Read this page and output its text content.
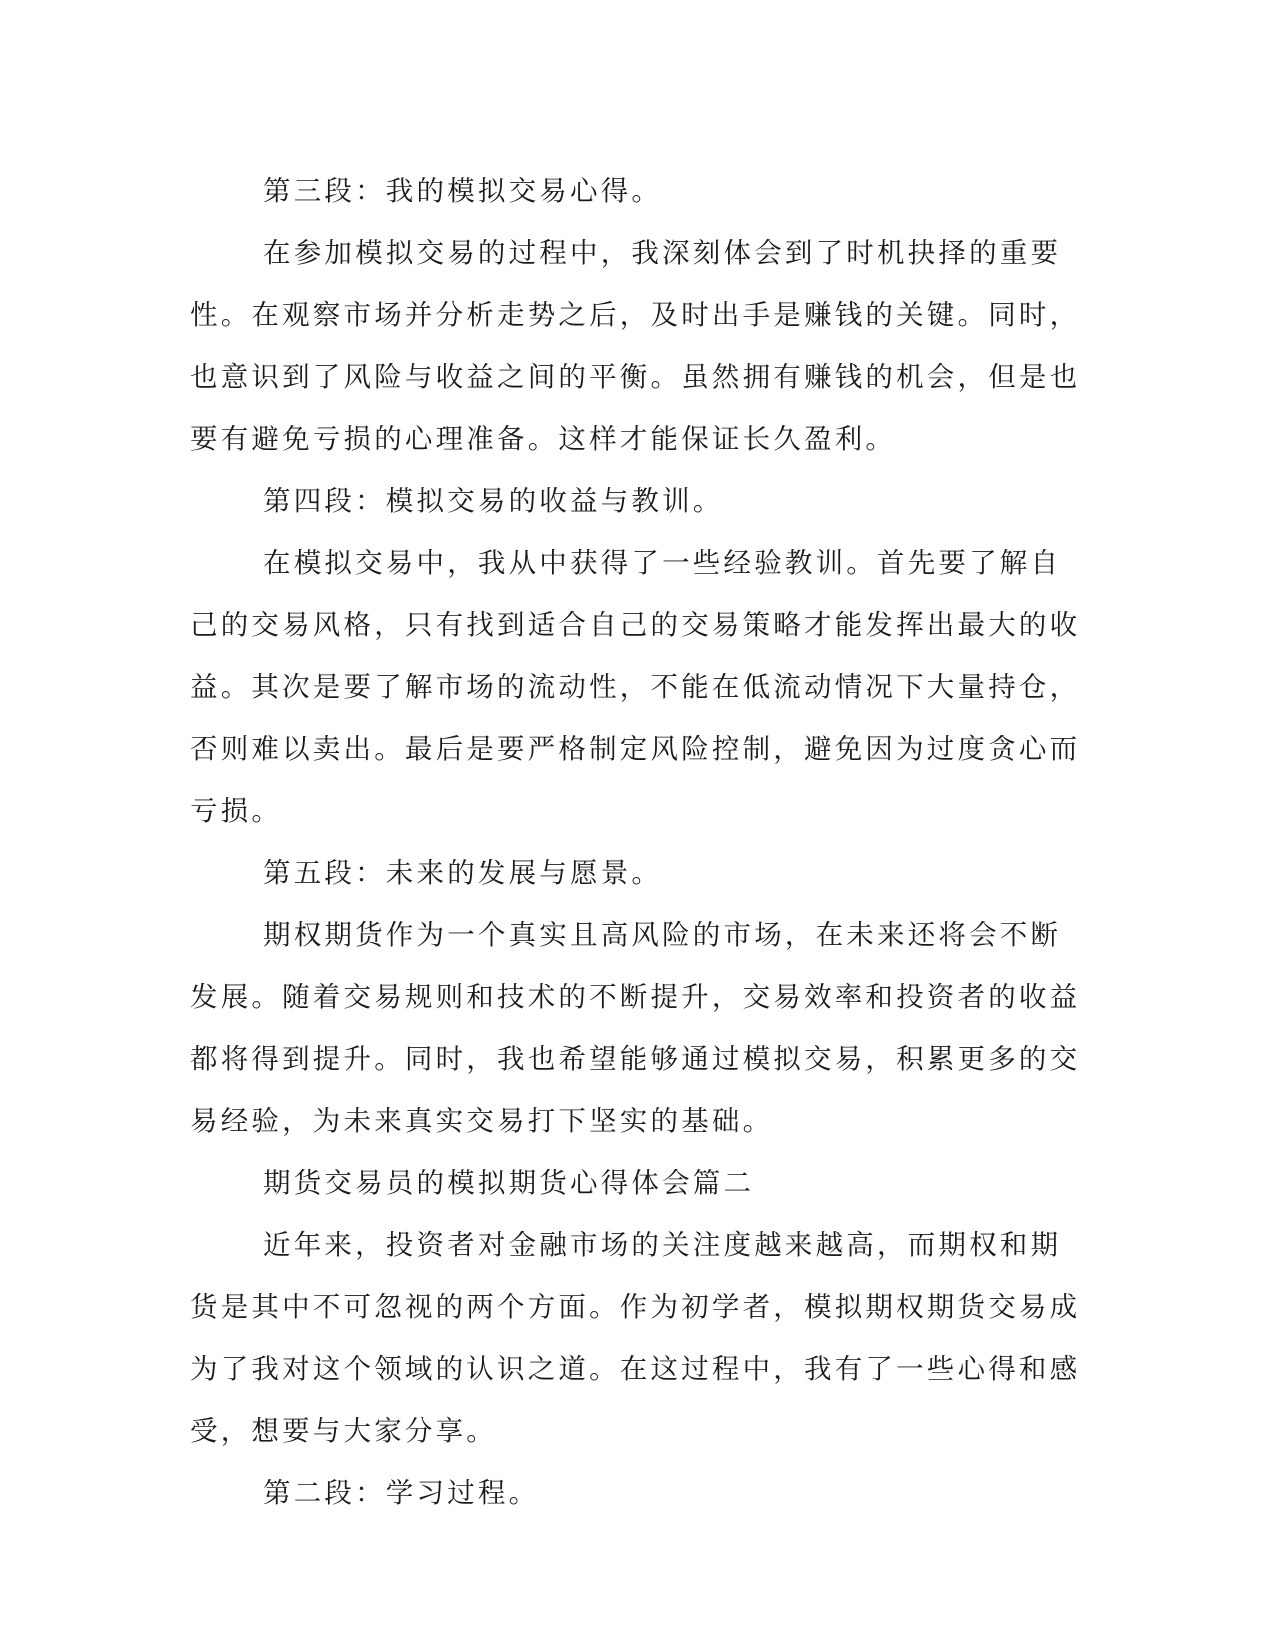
第三段：我的模拟交易心得。

在参加模拟交易的过程中，我深刻体会到了时机抉择的重要性。在观察市场并分析走势之后，及时出手是赚钱的关键。同时，也意识到了风险与收益之间的平衡。虽然拥有赚钱的机会，但是也要有避免亏损的心理准备。这样才能保证长久盈利。

第四段：模拟交易的收益与教训。

在模拟交易中，我从中获得了一些经验教训。首先要了解自己的交易风格，只有找到适合自己的交易策略才能发挥出最大的收益。其次是要了解市场的流动性，不能在低流动情况下大量持仓，否则难以卖出。最后是要严格制定风险控制，避免因为过度贪心而亏损。

第五段：未来的发展与愿景。

期权期货作为一个真实且高风险的市场，在未来还将会不断发展。随着交易规则和技术的不断提升，交易效率和投资者的收益都将得到提升。同时，我也希望能够通过模拟交易，积累更多的交易经验，为未来真实交易打下坚实的基础。

期货交易员的模拟期货心得体会篇二

近年来，投资者对金融市场的关注度越来越高，而期权和期货是其中不可忽视的两个方面。作为初学者，模拟期权期货交易成为了我对这个领域的认识之道。在这过程中，我有了一些心得和感受，想要与大家分享。

第二段：学习过程。
